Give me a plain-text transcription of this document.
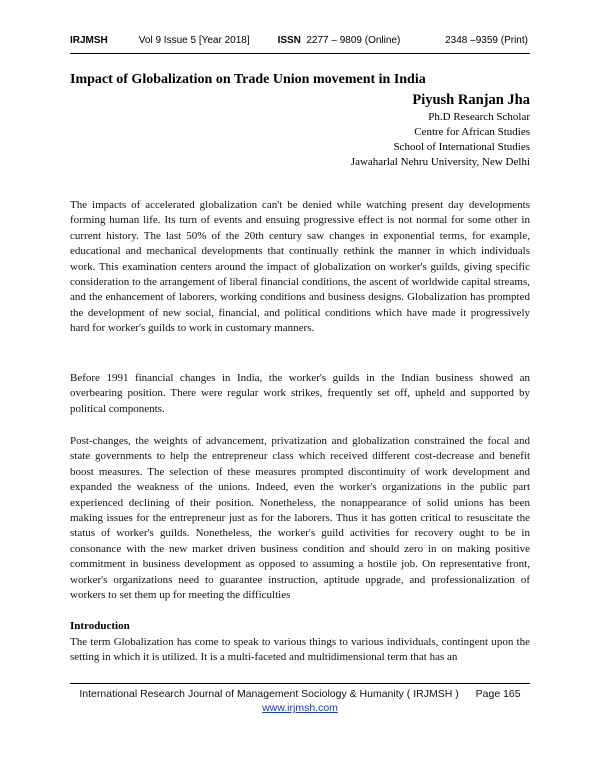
IRJMSH	Vol 9 Issue 5 [Year 2018]	ISSN 2277 – 9809 (Online)	2348 –9359 (Print)
Impact of Globalization on Trade Union movement in India
Piyush Ranjan Jha
Ph.D Research Scholar
Centre for African Studies
School of International Studies
Jawaharlal Nehru University, New Delhi

The impacts of accelerated globalization can't be denied while watching present day developments forming human life. Its turn of events and ensuing progressive effect is not normal for some other in current history. The last 50% of the 20th century saw changes in exponential terms, for example, educational and mechanical developments that continually rethink the manner in which individuals work. This examination centers around the impact of globalization on worker's guilds, giving specific consideration to the arrangement of liberal financial conditions, the ascent of worldwide capital streams, and the enhancement of laborers, working conditions and business designs. Globalization has prompted the development of new social, financial, and political conditions which have made it progressively hard for worker's guilds to work in customary manners.

Before 1991 financial changes in India, the worker's guilds in the Indian business showed an overbearing position. There were regular work strikes, frequently set off, upheld and supported by political components.

Post-changes, the weights of advancement, privatization and globalization constrained the focal and state governments to help the entrepreneur class which received different cost-decrease and benefit boost measures. The selection of these measures prompted discontinuity of work development and expanded the weakness of the unions. Indeed, even the worker's organizations in the public part experienced declining of their position. Nonetheless, the nonappearance of solid unions has been making issues for the entrepreneur just as for the laborers. Thus it has gotten critical to resuscitate the status of worker's guilds. Nonetheless, the worker's guild activities for recovery ought to be in consonance with the new market driven business condition and should zero in on making positive commitment in business development as opposed to assuming a hostile job. On representative front, worker's organizations need to guarantee instruction, aptitude upgrade, and professionalization of workers to set them up for meeting the difficulties

Introduction

The term Globalization has come to speak to various things to various individuals, contingent upon the setting in which it is utilized. It is a multi-faceted and multidimensional term that has an

International Research Journal of Management Sociology & Humanity ( IRJMSH ) Page 165
www.irjmsh.com
